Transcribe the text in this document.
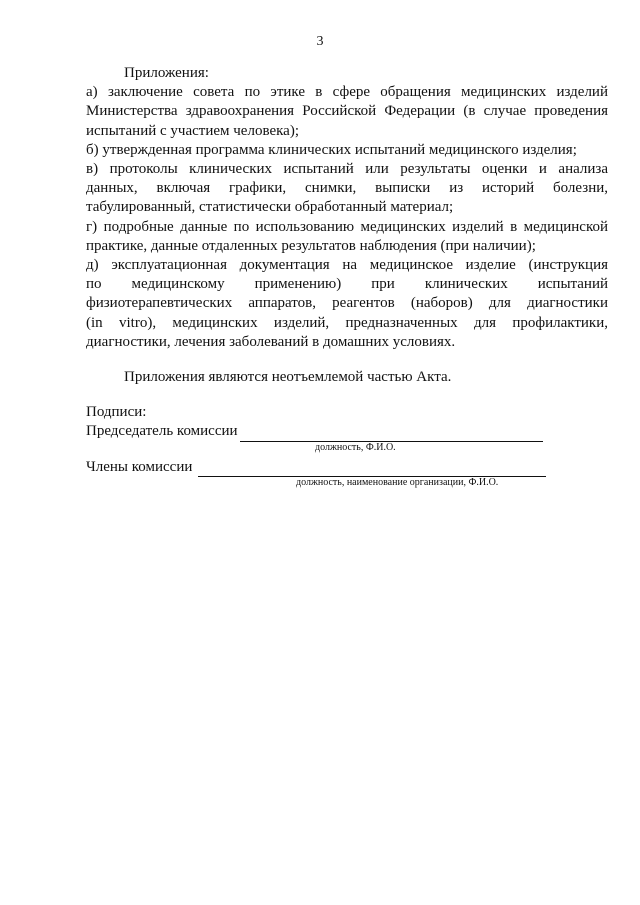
3

Приложения:

а) заключение совета по этике в сфере обращения медицинских изделий
Министерства здравоохранения Российской Федерации (в случае проведения
испытаний с участием человека);
б) утвержденная программа клинических испытаний медицинского изделия;
в) протоколы клинических испытаний или результаты оценки и анализа
данных, включая графики, снимки, выписки из историй болезни,
табулированный, статистически обработанный материал;
г) подробные данные по использованию медицинских изделий в медицинской
практике, данные отдаленных результатов наблюдения (при наличии);
д) эксплуатационная документация на медицинское изделие (инструкция
по медицинскому применению) при клинических испытаний
физиотерапевтических аппаратов, реагентов (наборов) для диагностики
(in vitro), медицинских изделий, предназначенных для профилактики,
диагностики, лечения заболеваний в домашних условиях.

Приложения являются неотъемлемой частью Акта.

Подписи:

Председатель комиссии

должность, Ф.И.О.

Члены комиссии

должность, наименование организации, Ф.И.О.
